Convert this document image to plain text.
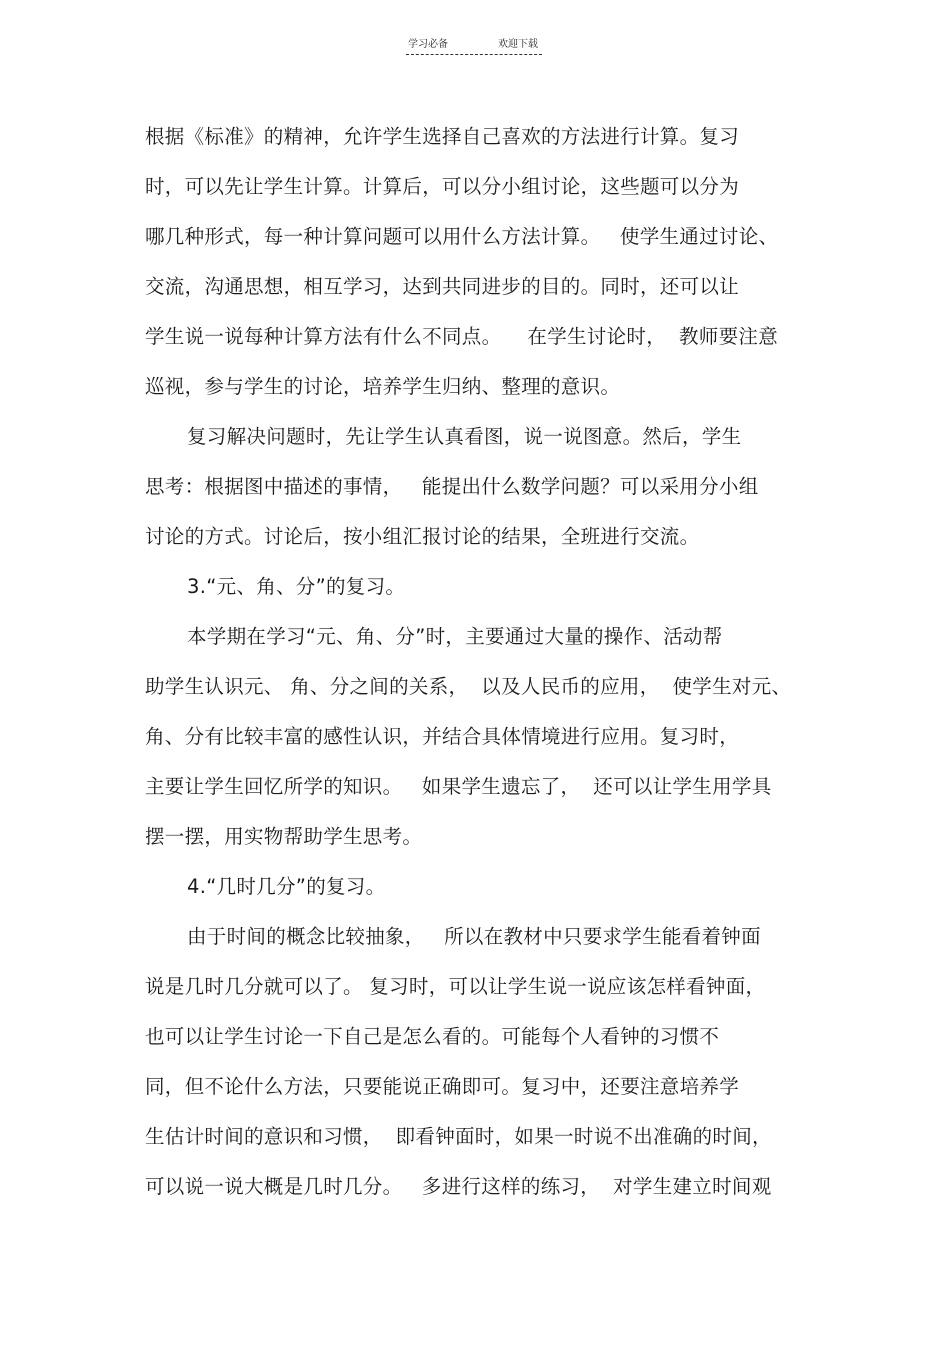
学习必备	欢迎下载
根据《标准》的精神，允许学生选择自己喜欢的方法进行计算。复习
时，可以先让学生计算。计算后，可以分小组讨论，这些题可以分为
哪几种形式，每一种计算问题可以用什么方法计算。   使学生通过讨论、
交流，沟通思想，相互学习，达到共同进步的目的。同时，还可以让
学生说一说每种计算方法有什么不同点。    在学生讨论时，  教师要注意
巡视，参与学生的讨论，培养学生归纳、整理的意识。
复习解决问题时，先让学生认真看图，说一说图意。然后，学生
思考：根据图中描述的事情，   能提出什么数学问题？可以采用分小组
讨论的方式。讨论后，按小组汇报讨论的结果，全班进行交流。
3.“元、角、分”的复习。
本学期在学习“元、角、分”时，主要通过大量的操作、活动帮
助学生认识元、 角、分之间的关系，  以及人民币的应用，  使学生对元、
角、分有比较丰富的感性认识，并结合具体情境进行应用。复习时，
主要让学生回忆所学的知识。   如果学生遗忘了，  还可以让学生用学具
摆一摆，用实物帮助学生思考。
4.“几时几分”的复习。
由于时间的概念比较抽象，   所以在教材中只要求学生能看着钟面
说是几时几分就可以了。 复习时，可以让学生说一说应该怎样看钟面，
也可以让学生讨论一下自己是怎么看的。可能每个人看钟的习惯不
同，但不论什么方法，只要能说正确即可。复习中，还要注意培养学
生估计时间的意识和习惯，  即看钟面时，如果一时说不出准确的时间，
可以说一说大概是几时几分。   多进行这样的练习，  对学生建立时间观
